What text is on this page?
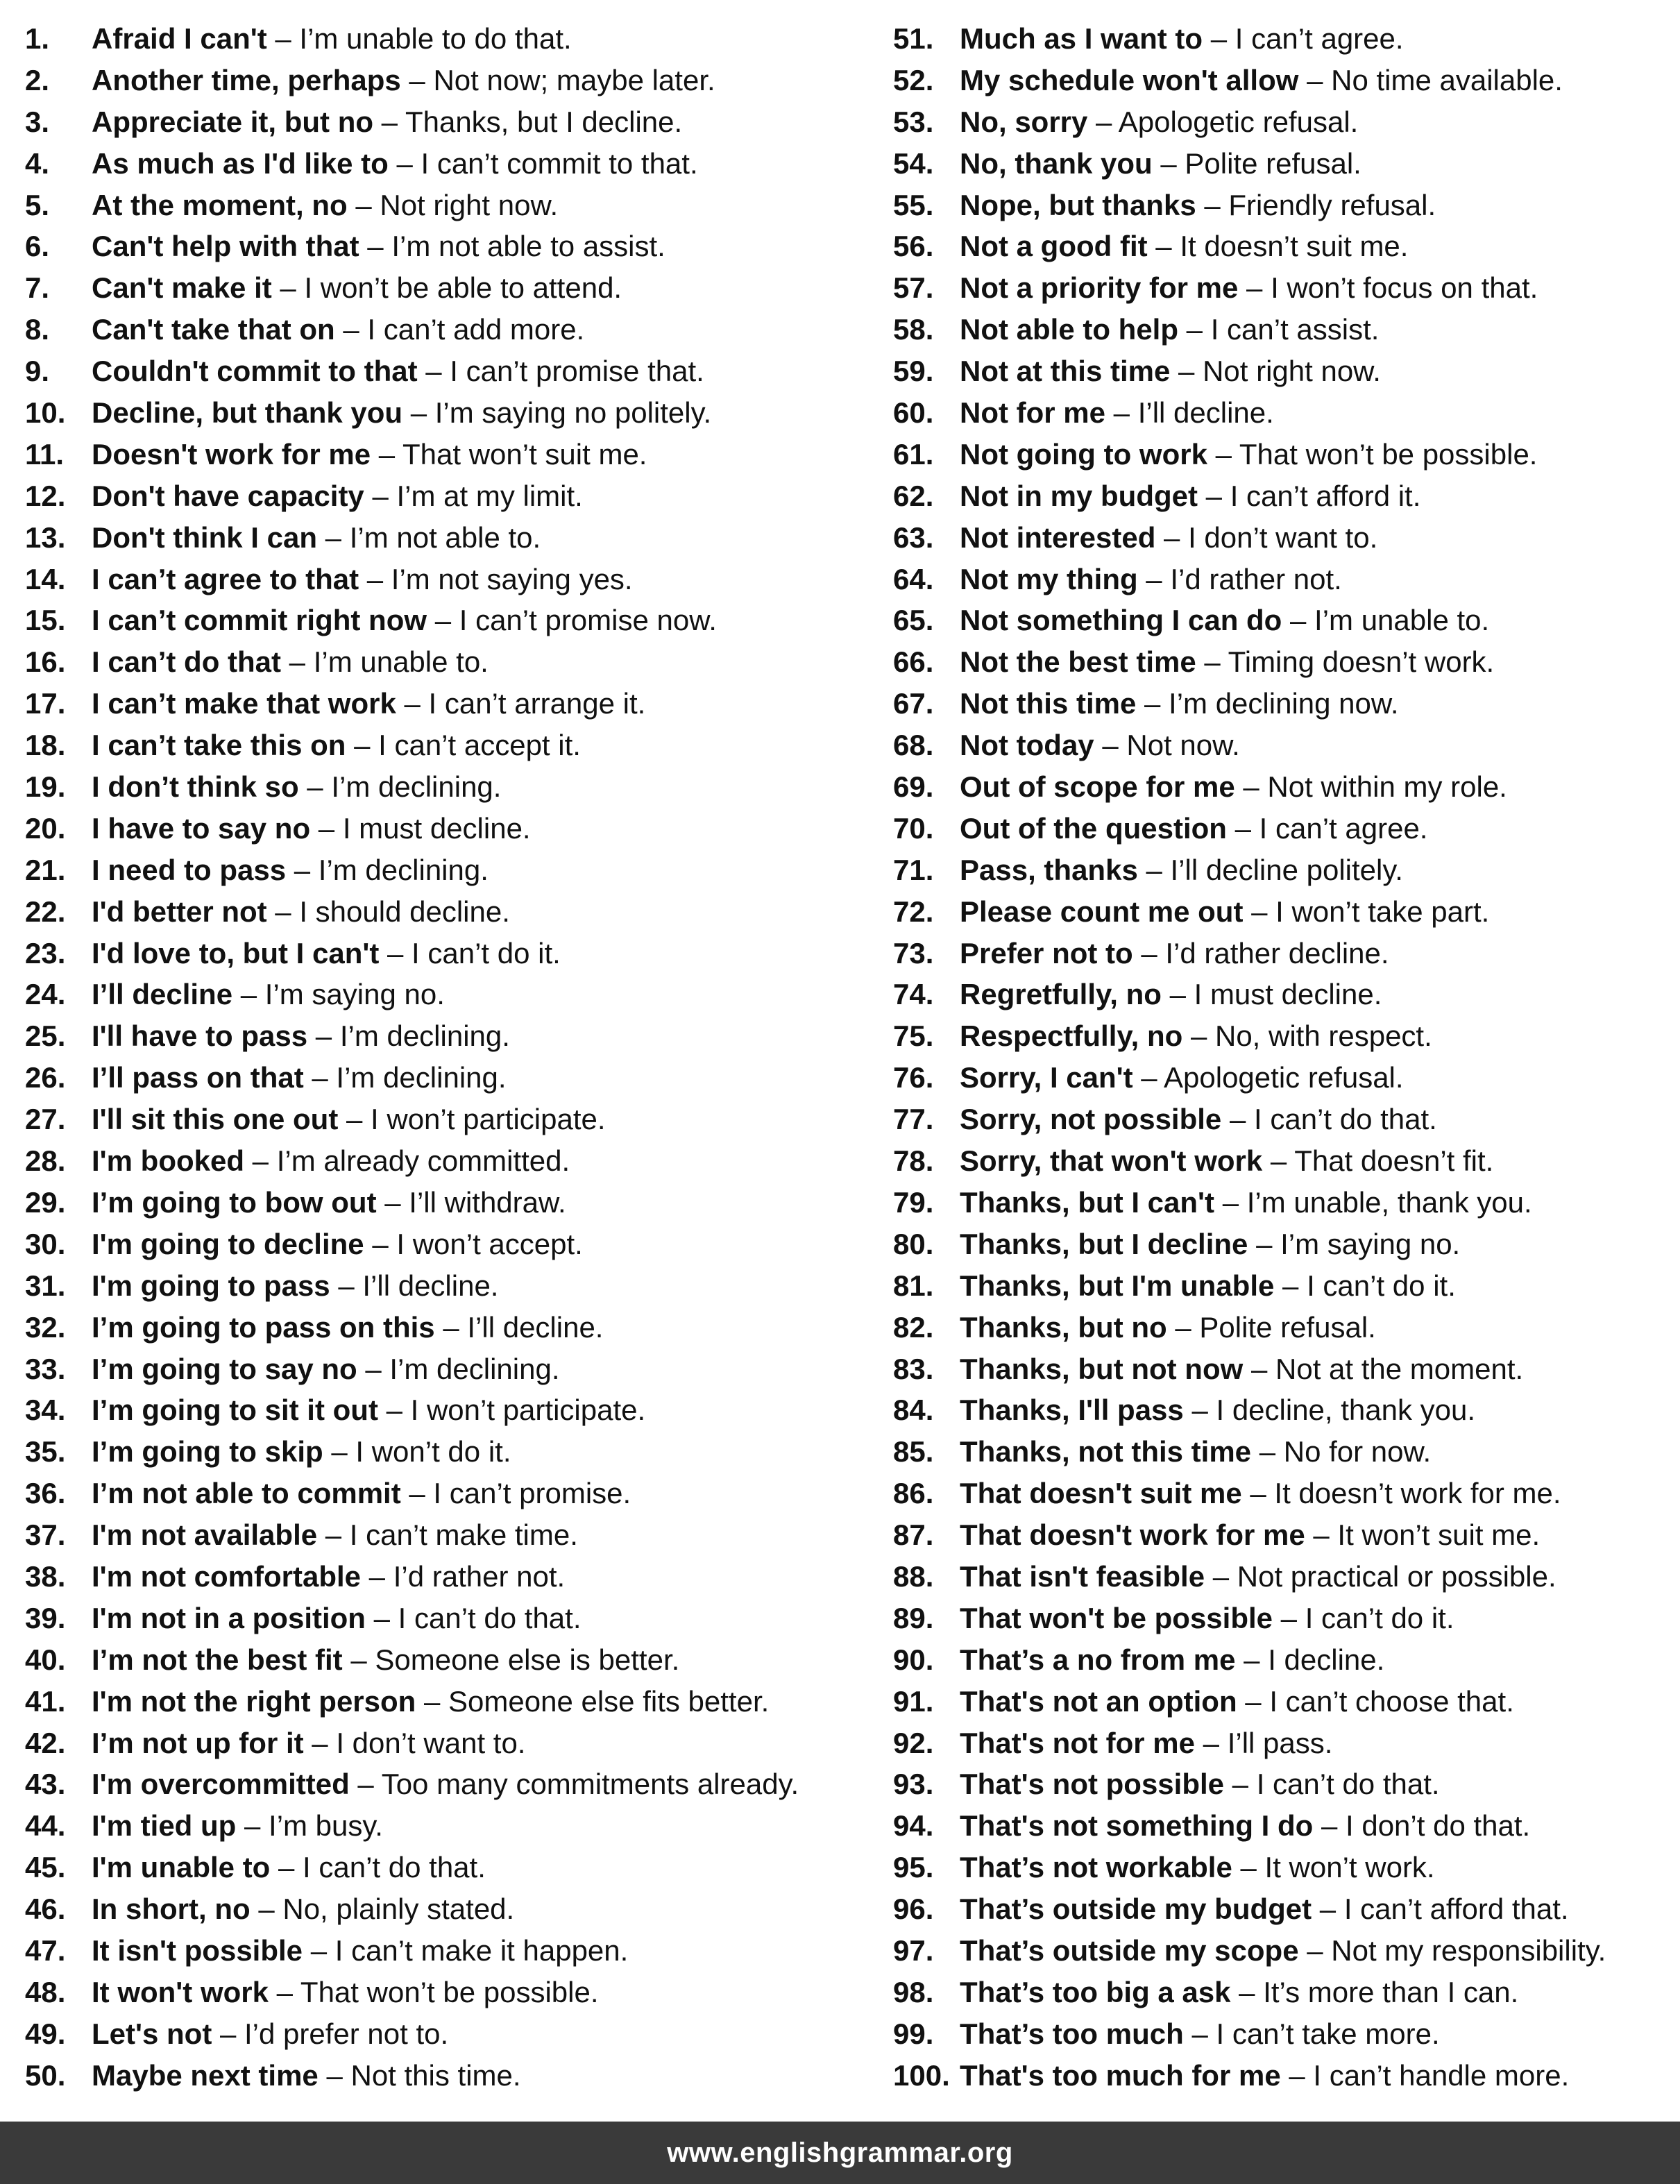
1. Afraid I can't – I’m unable to do that.
2. Another time, perhaps – Not now; maybe later.
3. Appreciate it, but no – Thanks, but I decline.
4. As much as I'd like to – I can’t commit to that.
5. At the moment, no – Not right now.
6. Can't help with that – I’m not able to assist.
7. Can't make it – I won’t be able to attend.
8. Can't take that on – I can’t add more.
9. Couldn't commit to that – I can’t promise that.
10. Decline, but thank you – I’m saying no politely.
11. Doesn't work for me – That won’t suit me.
12. Don't have capacity – I’m at my limit.
13. Don't think I can – I’m not able to.
14. I can’t agree to that – I’m not saying yes.
15. I can’t commit right now – I can’t promise now.
16. I can’t do that – I’m unable to.
17. I can’t make that work – I can’t arrange it.
18. I can’t take this on – I can’t accept it.
19. I don’t think so – I’m declining.
20. I have to say no – I must decline.
21. I need to pass – I’m declining.
22. I'd better not – I should decline.
23. I'd love to, but I can't – I can’t do it.
24. I’ll decline – I’m saying no.
25. I'll have to pass – I’m declining.
26. I’ll pass on that – I’m declining.
27. I'll sit this one out – I won’t participate.
28. I'm booked – I’m already committed.
29. I’m going to bow out – I’ll withdraw.
30. I'm going to decline – I won’t accept.
31. I'm going to pass – I’ll decline.
32. I’m going to pass on this – I’ll decline.
33. I’m going to say no – I’m declining.
34. I’m going to sit it out – I won’t participate.
35. I’m going to skip – I won’t do it.
36. I’m not able to commit – I can’t promise.
37. I'm not available – I can’t make time.
38. I'm not comfortable – I’d rather not.
39. I'm not in a position – I can’t do that.
40. I’m not the best fit – Someone else is better.
41. I'm not the right person – Someone else fits better.
42. I’m not up for it – I don’t want to.
43. I'm overcommitted – Too many commitments already.
44. I'm tied up – I’m busy.
45. I'm unable to – I can’t do that.
46. In short, no – No, plainly stated.
47. It isn't possible – I can’t make it happen.
48. It won't work – That won’t be possible.
49. Let's not – I’d prefer not to.
50. Maybe next time – Not this time.
51. Much as I want to – I can’t agree.
52. My schedule won't allow – No time available.
53. No, sorry – Apologetic refusal.
54. No, thank you – Polite refusal.
55. Nope, but thanks – Friendly refusal.
56. Not a good fit – It doesn’t suit me.
57. Not a priority for me – I won’t focus on that.
58. Not able to help – I can’t assist.
59. Not at this time – Not right now.
60. Not for me – I’ll decline.
61. Not going to work – That won’t be possible.
62. Not in my budget – I can’t afford it.
63. Not interested – I don’t want to.
64. Not my thing – I’d rather not.
65. Not something I can do – I’m unable to.
66. Not the best time – Timing doesn’t work.
67. Not this time – I’m declining now.
68. Not today – Not now.
69. Out of scope for me – Not within my role.
70. Out of the question – I can’t agree.
71. Pass, thanks – I’ll decline politely.
72. Please count me out – I won’t take part.
73. Prefer not to – I’d rather decline.
74. Regretfully, no – I must decline.
75. Respectfully, no – No, with respect.
76. Sorry, I can't – Apologetic refusal.
77. Sorry, not possible – I can’t do that.
78. Sorry, that won't work – That doesn’t fit.
79. Thanks, but I can't – I’m unable, thank you.
80. Thanks, but I decline – I’m saying no.
81. Thanks, but I'm unable – I can’t do it.
82. Thanks, but no – Polite refusal.
83. Thanks, but not now – Not at the moment.
84. Thanks, I'll pass – I decline, thank you.
85. Thanks, not this time – No for now.
86. That doesn't suit me – It doesn’t work for me.
87. That doesn't work for me – It won’t suit me.
88. That isn't feasible – Not practical or possible.
89. That won't be possible – I can’t do it.
90. That’s a no from me – I decline.
91. That's not an option – I can’t choose that.
92. That's not for me – I’ll pass.
93. That's not possible – I can’t do that.
94. That's not something I do – I don’t do that.
95. That’s not workable – It won’t work.
96. That’s outside my budget – I can’t afford that.
97. That’s outside my scope – Not my responsibility.
98. That’s too big a ask – It’s more than I can.
99. That’s too much – I can’t take more.
100. That's too much for me – I can’t handle more.
www.englishgrammar.org
